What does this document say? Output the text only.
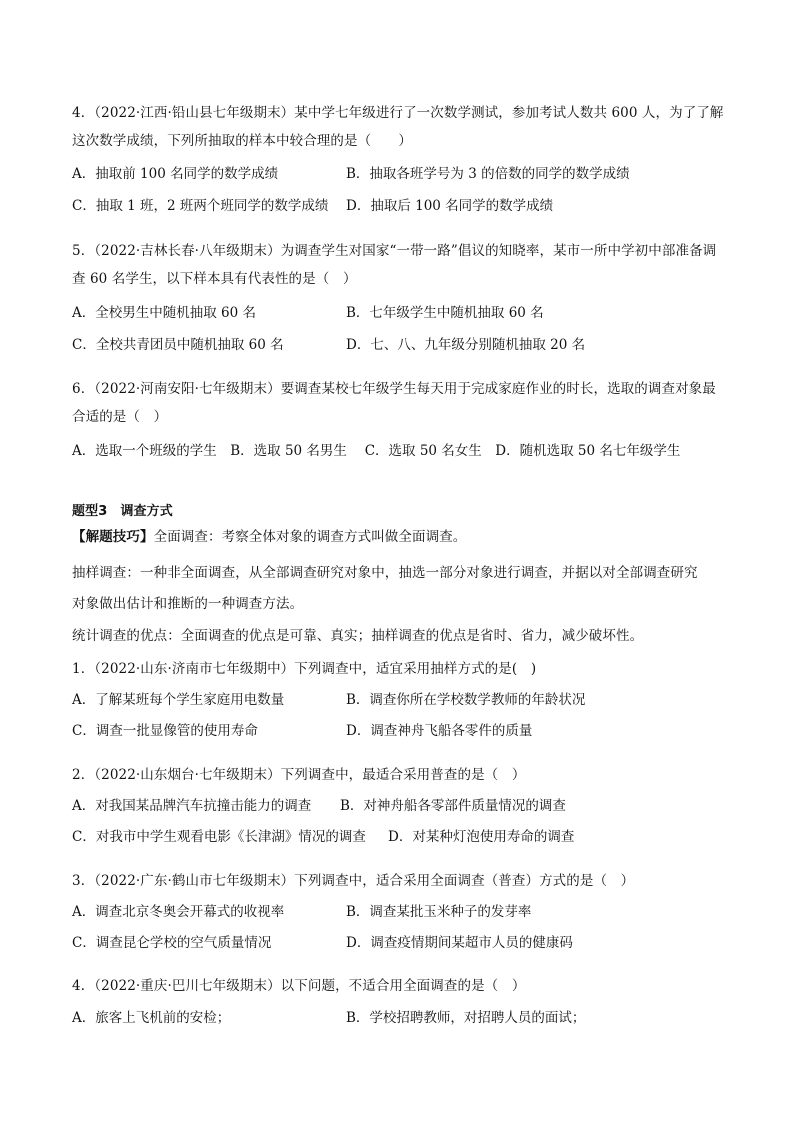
4．（2022·江西·铅山县七年级期末）某中学七年级进行了一次数学测试，参加考试人数共 600 人，为了了解
这次数学成绩，下列所抽取的样本中较合理的是（　　）
A．抽取前 100 名同学的数学成绩	B．抽取各班学号为 3 的倍数的同学的数学成绩
C．抽取 1 班，2 班两个班同学的数学成绩 D．抽取后 100 名同学的数学成绩
5．（2022·吉林长春·八年级期末）为调查学生对国家“一带一路”倡议的知晓率，某市一所中学初中部准备调
查 60 名学生，以下样本具有代表性的是（　）
A．全校男生中随机抽取 60 名	B．七年级学生中随机抽取 60 名
C．全校共青团员中随机抽取 60 名	D．七、八、九年级分别随机抽取 20 名
6．（2022·河南安阳·七年级期末）要调查某校七年级学生每天用于完成家庭作业的时长，选取的调查对象最
合适的是（　）
A．选取一个班级的学生　B．选取 50 名男生　 C．选取 50 名女生　D．随机选取 50 名七年级学生
题型3　调查方式
【解题技巧】全面调查：考察全体对象的调查方式叫做全面调查。
抽样调查：一种非全面调查，从全部调查研究对象中，抽选一部分对象进行调查，并据以对全部调查研究
对象做出估计和推断的一种调查方法。
统计调查的优点：全面调查的优点是可靠、真实；抽样调查的优点是省时、省力，减少破坏性。
1．（2022·山东·济南市七年级期中）下列调查中，适宜采用抽样方式的是(　)
A．了解某班每个学生家庭用电数量	B．调查你所在学校数学教师的年龄状况
C．调查一批显像管的使用寿命	D．调查神舟飞船各零件的质量
2．（2022·山东烟台·七年级期末）下列调查中，最适合采用普查的是（　）
A．对我国某品牌汽车抗撞击能力的调查 B．对神舟船各零部件质量情况的调查
C．对我市中学生观看电影《长津湖》情况的调查 D．对某种灯泡使用寿命的调查
3．（2022·广东·鹤山市七年级期末）下列调查中，适合采用全面调查（普查）方式的是（　）
A．调查北京冬奥会开幕式的收视率	B．调查某批玉米种子的发芽率
C．调查昆仑学校的空气质量情况	D．调查疫情期间某超市人员的健康码
4．（2022·重庆·巴川七年级期末）以下问题，不适合用全面调查的是（　）
A．旅客上飞机前的安检；	B．学校招聘教师，对招聘人员的面试；
